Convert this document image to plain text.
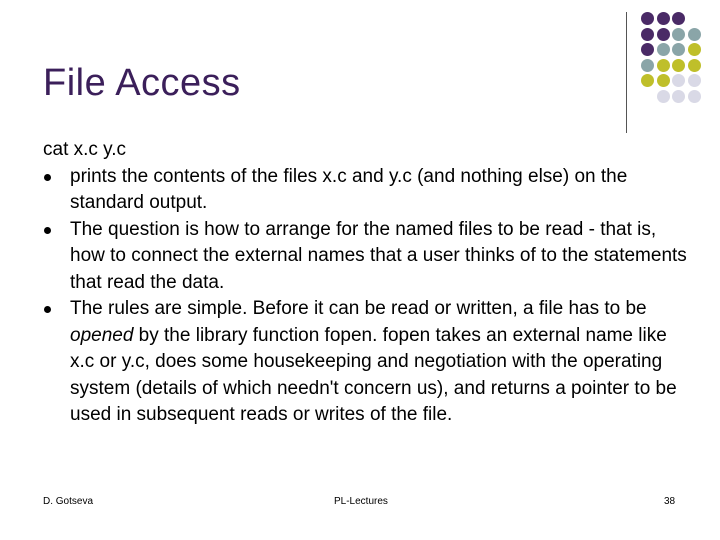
File Access

cat x.c y.c

prints the contents of the files x.c and y.c (and nothing else) on the standard output.
The question is how to arrange for the named files to be read - that is, how to connect the external names that a user thinks of to the statements that read the data.
The rules are simple. Before it can be read or written, a file has to be opened by the library function fopen. fopen takes an external name like x.c or y.c, does some housekeeping and negotiation with the operating system (details of which needn't concern us), and returns a pointer to be used in subsequent reads or writes of the file.
D. Gotseva	PL-Lectures	38
